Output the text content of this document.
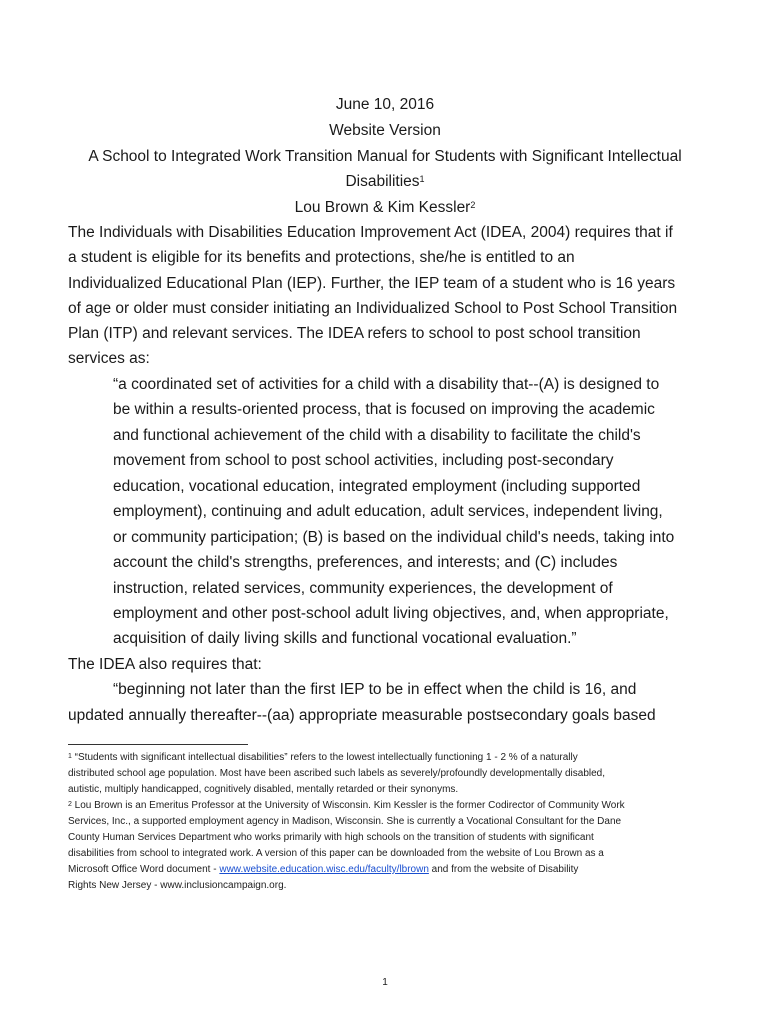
June 10, 2016
Website Version
A School to Integrated Work Transition Manual for Students with Significant Intellectual
Disabilities$^1$
Lou Brown & Kim Kessler$^2$
The Individuals with Disabilities Education Improvement Act (IDEA, 2004) requires that if
a student is eligible for its benefits and protections, she/he is entitled to an
Individualized Educational Plan (IEP). Further, the IEP team of a student who is 16 years
of age or older must consider initiating an Individualized School to Post School Transition
Plan (ITP) and relevant services. The IDEA refers to school to post school transition
services as:
“a coordinated set of activities for a child with a disability that--(A) is designed to
be within a results-oriented process, that is focused on improving the academic
and functional achievement of the child with a disability to facilitate the child's
movement from school to post school activities, including post-secondary
education, vocational education, integrated employment (including supported
employment), continuing and adult education, adult services, independent living,
or community participation; (B) is based on the individual child's needs, taking into
account the child's strengths, preferences, and interests; and (C) includes
instruction, related services, community experiences, the development of
employment and other post-school adult living objectives, and, when appropriate,
acquisition of daily living skills and functional vocational evaluation.”
The IDEA also requires that:
“beginning not later than the first IEP to be in effect when the child is 16, and
updated annually thereafter--(aa) appropriate measurable postsecondary goals based
$^1$ “Students with significant intellectual disabilities” refers to the lowest intellectually functioning 1 - 2 % of a naturally
distributed school age population. Most have been ascribed such labels as severely/profoundly developmentally disabled,
autistic, multiply handicapped, cognitively disabled, mentally retarded or their synonyms.
$^2$ Lou Brown is an Emeritus Professor at the University of Wisconsin. Kim Kessler is the former Codirector of Community Work
Services, Inc., a supported employment agency in Madison, Wisconsin. She is currently a Vocational Consultant for the Dane
County Human Services Department who works primarily with high schools on the transition of students with significant
disabilities from school to integrated work. A version of this paper can be downloaded from the website of Lou Brown as a
Microsoft Office Word document - www.website.education.wisc.edu/faculty/lbrown and from the website of Disability
Rights New Jersey - www.inclusioncampaign.org.
1
